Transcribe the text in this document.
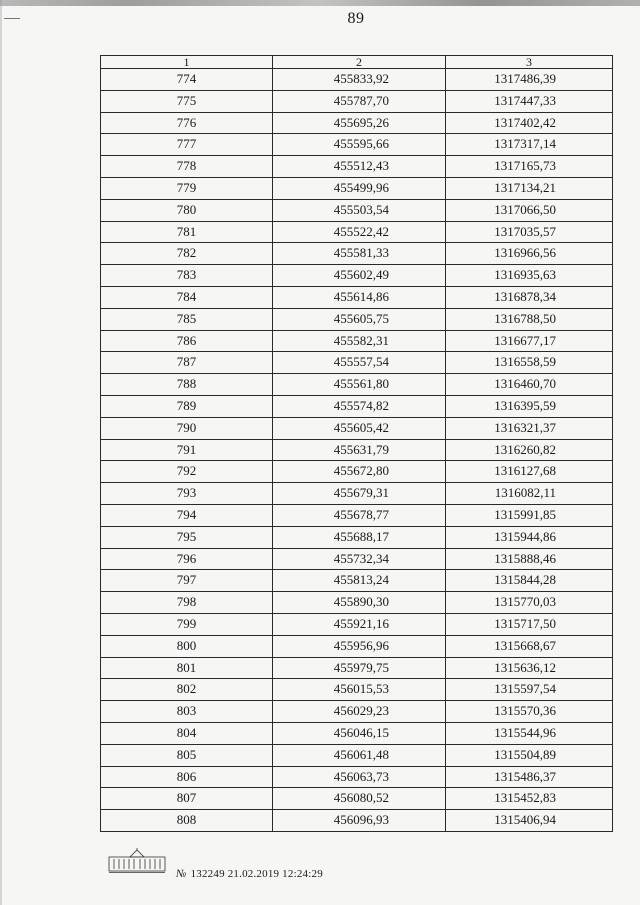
89
1	2	3
774	455833,92	1317486,39
775	455787,70	1317447,33
776	455695,26	1317402,42
777	455595,66	1317317,14
778	455512,43	1317165,73
779	455499,96	1317134,21
780	455503,54	1317066,50
781	455522,42	1317035,57
782	455581,33	1316966,56
783	455602,49	1316935,63
784	455614,86	1316878,34
785	455605,75	1316788,50
786	455582,31	1316677,17
787	455557,54	1316558,59
788	455561,80	1316460,70
789	455574,82	1316395,59
790	455605,42	1316321,37
791	455631,79	1316260,82
792	455672,80	1316127,68
793	455679,31	1316082,11
794	455678,77	1315991,85
795	455688,17	1315944,86
796	455732,34	1315888,46
797	455813,24	1315844,28
798	455890,30	1315770,03
799	455921,16	1315717,50
800	455956,96	1315668,67
801	455979,75	1315636,12
802	456015,53	1315597,54
803	456029,23	1315570,36
804	456046,15	1315544,96
805	456061,48	1315504,89
806	456063,73	1315486,37
807	456080,52	1315452,83
808	456096,93	1315406,94
№ 132249 21.02.2019 12:24:29
